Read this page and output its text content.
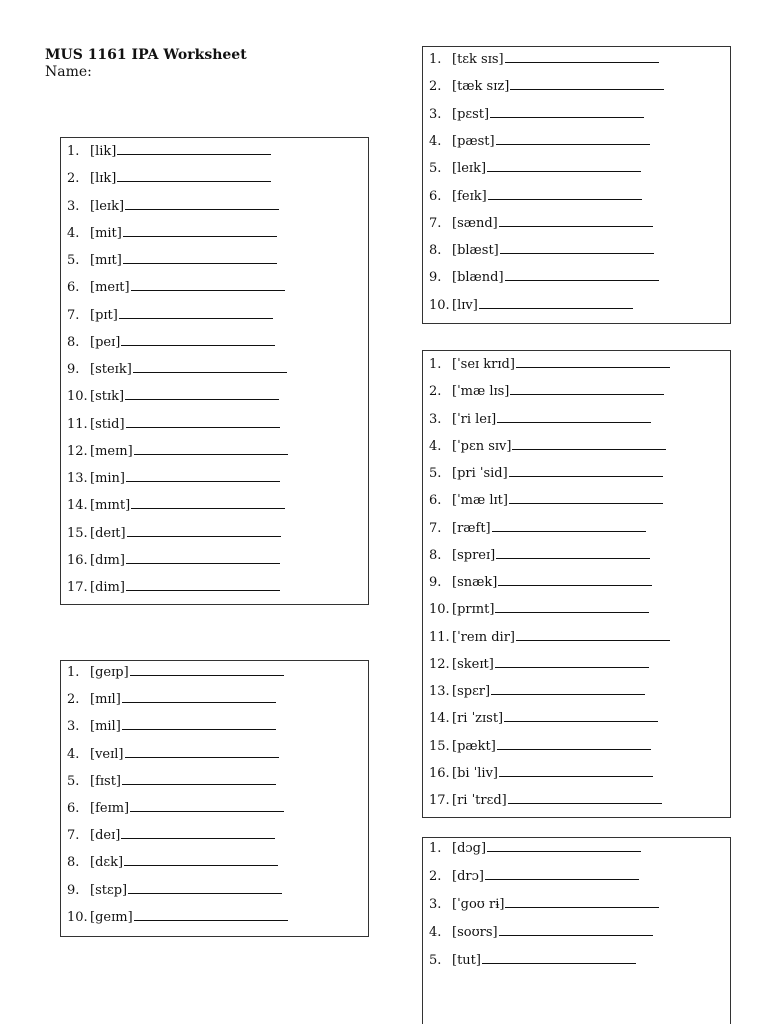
MUS 1161 IPA Worksheet
Name:
1. [lik]
2. [lɪk]
3. [leɪk]
4. [mit]
5. [mɪt]
6. [meɪt]
7. [pɪt]
8. [peɪ]
9. [steɪk]
10. [stɪk]
11. [stid]
12. [meɪn]
13. [min]
14. [mɪnt]
15. [deɪt]
16. [dɪm]
17. [dim]
1. [geɪp]
2. [mɪl]
3. [mil]
4. [veɪl]
5. [fɪst]
6. [feɪm]
7. [deɪ]
8. [dɛk]
9. [stɛp]
10. [geɪm]
1. [tɛk sɪs]
2. [tæk sɪz]
3. [pɛst]
4. [pæst]
5. [leɪk]
6. [feɪk]
7. [sænd]
8. [blæst]
9. [blænd]
10. [lɪv]
1. [ˈseɪ krɪd]
2. [ˈmæ lɪs]
3. [ˈri leɪ]
4. [ˈpɛn sɪv]
5. [pri ˈsid]
6. [ˈmæ lɪt]
7. [ræft]
8. [spreɪ]
9. [snæk]
10. [prɪnt]
11. [ˈreɪn dir]
12. [skeɪt]
13. [spɛr]
14. [ri ˈzɪst]
15. [pækt]
16. [bi ˈliv]
17. [ri ˈtrɛd]
1. [dɔg]
2. [drɔ]
3. [ˈgoʊ rɨ]
4. [soʊrs]
5. [tut]
